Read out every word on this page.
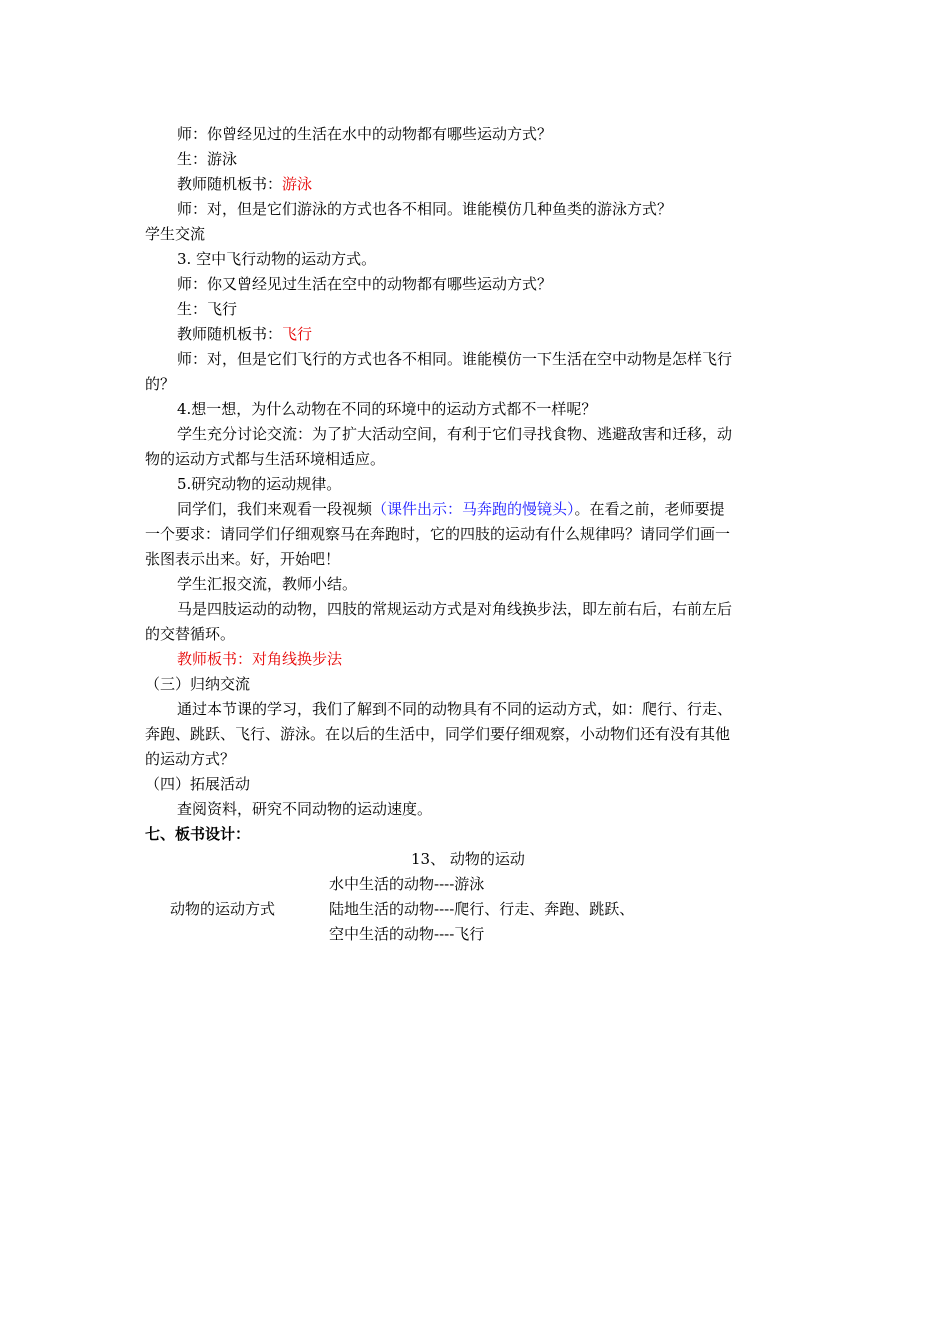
师：你曾经见过的生活在水中的动物都有哪些运动方式？
生：游泳
教师随机板书：游泳
师：对，但是它们游泳的方式也各不相同。谁能模仿几种鱼类的游泳方式？
学生交流
3. 空中飞行动物的运动方式。
师：你又曾经见过生活在空中的动物都有哪些运动方式？
生：飞行
教师随机板书：飞行
师：对，但是它们飞行的方式也各不相同。谁能模仿一下生活在空中动物是怎样飞行
的？
4.想一想，为什么动物在不同的环境中的运动方式都不一样呢？
学生充分讨论交流：为了扩大活动空间，有利于它们寻找食物、逃避敌害和迁移，动
物的运动方式都与生活环境相适应。
5.研究动物的运动规律。
同学们，我们来观看一段视频（课件出示：马奔跑的慢镜头）。在看之前，老师要提
一个要求：请同学们仔细观察马在奔跑时，它的四肢的运动有什么规律吗？请同学们画一
张图表示出来。好，开始吧！
学生汇报交流，教师小结。
马是四肢运动的动物，四肢的常规运动方式是对角线换步法，即左前右后，右前左后
的交替循环。
教师板书：对角线换步法
（三）归纳交流
通过本节课的学习，我们了解到不同的动物具有不同的运动方式，如：爬行、行走、
奔跑、跳跃、飞行、游泳。在以后的生活中，同学们要仔细观察，小动物们还有没有其他
的运动方式？
（四）拓展活动
查阅资料，研究不同动物的运动速度。
七、板书设计：
13、 动物的运动
动物的运动方式
水中生活的动物----游泳
陆地生活的动物----爬行、行走、奔跑、跳跃、
空中生活的动物----飞行
